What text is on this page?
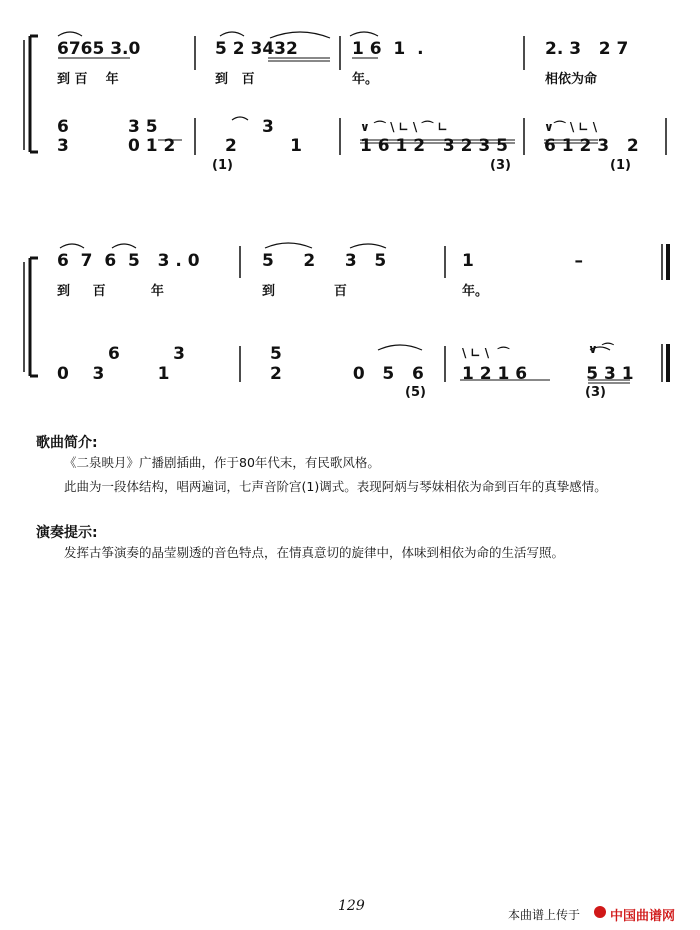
6765 3.0	5 2 3432	1 6  1  .	2. 3   2 7
到 百    年	到   百	年。	相依为命
6          3 5	3
3          0 1 2	2         1	1 6 1 2   3 2 3 5 6 1 2 3   2
∨ ⌒ \ ∟ \ ⌒ ∟	∨⌒ \ ∟ \
(1)	(3)	(1)
6  7  6  5   3 . 0	5     2     3   5	1                 –
到     百          年	到             百	年。
6         3	5
0    3         1	2            0   5   6 1 2 1 6          5 3 1
\ ∟ \  ⌒	∨ ⌒
(5)	(3)
歌曲简介:
《二泉映月》广播剧插曲，作于80年代末，有民歌风格。
此曲为一段体结构，唱两遍词，七声音阶宫(1)调式。表现阿炳与琴妹相依为命到百年的真挚感情。
演奏提示:
发挥古筝演奏的晶莹剔透的音色特点，在情真意切的旋律中，体味到相依为命的生活写照。
129
本曲谱上传于 中国曲谱网
